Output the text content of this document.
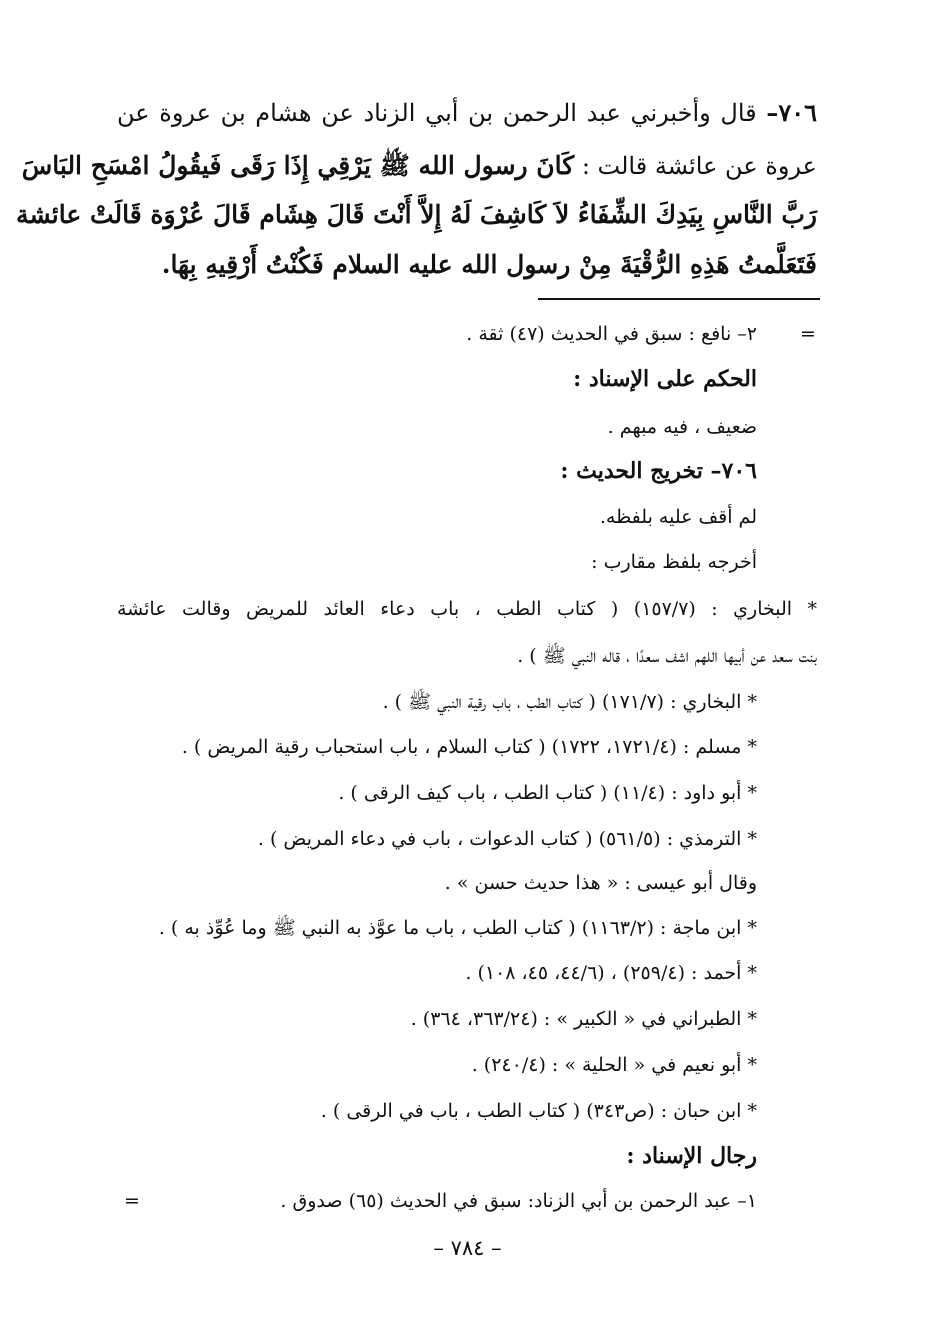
٧٠٦– قال وأخبرني عبد الرحمن بن أبي الزناد عن هشام بن عروة عن
عروة عن عائشة قالت : كَانَ رسول الله ﷺ يَرْقِي إِذَا رَقَى فَيقُولُ امْسَحِ البَاسَ
رَبَّ النَّاسِ بِيَدِكَ الشِّفَاءُ لاَ كَاشِفَ لَهُ إِلاَّ أَنْتَ قَالَ هِشَام قَالَ عُرْوَة قَالَتْ عائشة
فَتَعَلَّمتُ هَذِهِ الرُّقْيَةَ مِنْ رسول الله عليه السلام فَكُنْتُ أَرْقِيهِ بِهَا.
=
٢– نافع : سبق في الحديث (٤٧) ثقة .
الحكم على الإسناد :
ضعيف ، فيه مبهم .
٧٠٦– تخريج الحديث :
لم أقف عليه بلفظه.
أخرجه بلفظ مقارب :
* البخاري : (١٥٧/٧) ( كتاب الطب ، باب دعاء العائد للمريض وقالت عائشة
بنت سعد عن أبيها اللهم اشف سعدًا ، قاله النبي ﷺ ) .
* البخاري : (١٧١/٧) ( كتاب الطب ، باب رقية النبي ﷺ ) .
* مسلم : (١٧٢١/٤، ١٧٢٢) ( كتاب السلام ، باب استحباب رقية المريض ) .
* أبو داود : (١١/٤) ( كتاب الطب ، باب كيف الرقى ) .
* الترمذي : (٥٦١/٥) ( كتاب الدعوات ، باب في دعاء المريض ) .
وقال أبو عيسى : « هذا حديث حسن » .
* ابن ماجة : (١١٦٣/٢) ( كتاب الطب ، باب ما عوَّذ به النبي ﷺ وما عُوِّذ به ) .
* أحمد : (٢٥٩/٤) ، (٤٤/٦، ٤٥، ١٠٨) .
* الطبراني في « الكبير » : (٣٦٣/٢٤، ٣٦٤) .
* أبو نعيم في « الحلية » : (٢٤٠/٤) .
* ابن حبان : (ص٣٤٣) ( كتاب الطب ، باب في الرقى ) .
رجال الإسناد :
١– عبد الرحمن بن أبي الزناد: سبق في الحديث (٦٥) صدوق .
=
– ٧٨٤ –
